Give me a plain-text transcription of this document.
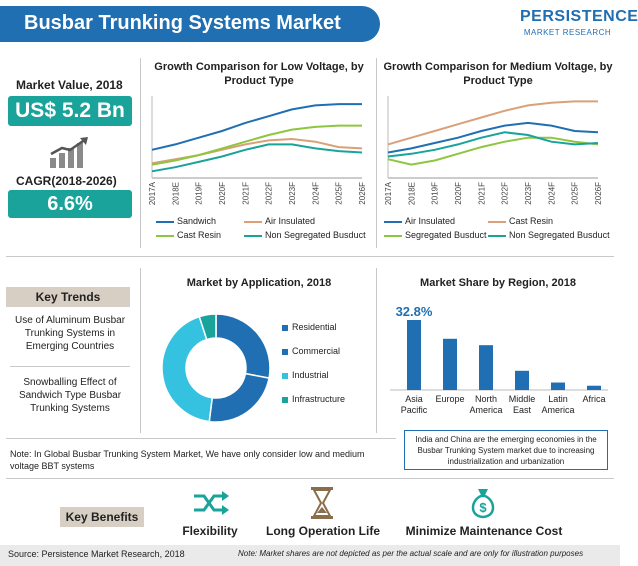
Busbar Trunking Systems Market	PERSISTENCE
MARKET RESEARCH
Market Value, 2018
US$ 5.2 Bn
CAGR(2018-2026)
6.6%
Growth Comparison for Low Voltage, by Product Type
2017A 2018E 2019F 2020F 2021F 2022F 2023F 2024F 2025F 2026F
Sandwich	Air Insulated
Cast Resin	Non Segregated Busduct
Growth Comparison for Medium Voltage, by Product Type
2017A 2018E 2019F 2020F 2021F 2022F 2023F 2024F 2025F 2026F
Air Insulated	Cast Resin
Segregated Busduct	Non Segregated Busduct
Key Trends
Use of Aluminum Busbar Trunking Systems in Emerging Countries
Snowballing Effect of Sandwich Type Busbar Trunking Systems
Market by Application, 2018
Residential
Commercial
Industrial
Infrastructure
Market Share by Region, 2018
32.8%
Asia
Pacific
Europe North
America
Middle
East
Latin
America
Africa
Note: In Global Busbar Trunking System Market, We have only consider low and medium voltage BBT systems
India and China are the emerging economies in the Busbar Trunking System market due to increasing industrialization and urbanization
Key Benefits
Flexibility	Long Operation Life
$
Minimize Maintenance Cost
Source: Persistence Market Research, 2018	Note: Market shares are not depicted as per the actual scale and are only for illustration purposes
